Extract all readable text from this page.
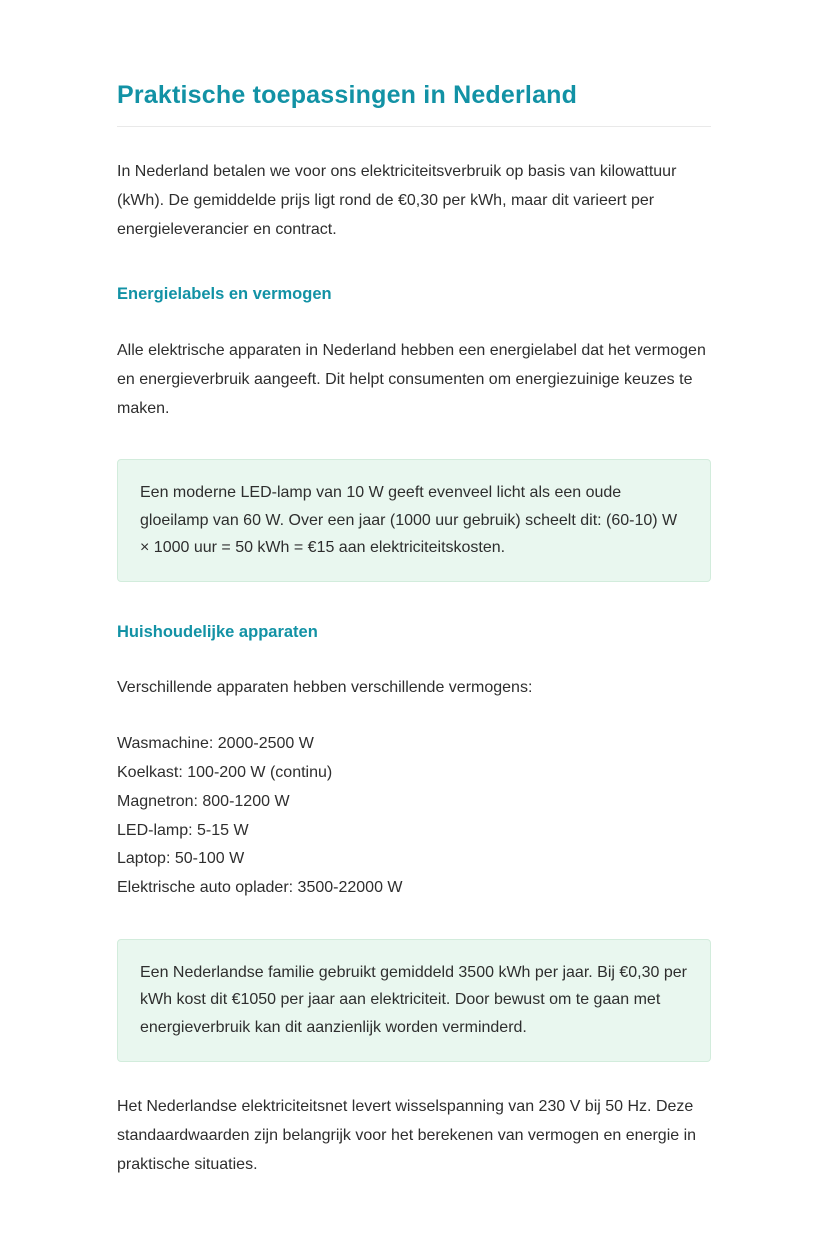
Praktische toepassingen in Nederland

In Nederland betalen we voor ons elektriciteitsverbruik op basis van kilowattuur (kWh). De gemiddelde prijs ligt rond de €0,30 per kWh, maar dit varieert per energieleverancier en contract.

Energielabels en vermogen

Alle elektrische apparaten in Nederland hebben een energielabel dat het vermogen en energieverbruik aangeeft. Dit helpt consumenten om energiezuinige keuzes te maken.

Een moderne LED-lamp van 10 W geeft evenveel licht als een oude gloeilamp van 60 W. Over een jaar (1000 uur gebruik) scheelt dit: (60-10) W × 1000 uur = 50 kWh = €15 aan elektriciteitskosten.
Huishoudelijke apparaten

Verschillende apparaten hebben verschillende vermogens:

Wasmachine: 2000-2500 W
Koelkast: 100-200 W (continu)
Magnetron: 800-1200 W
LED-lamp: 5-15 W
Laptop: 50-100 W
Elektrische auto oplader: 3500-22000 W
Een Nederlandse familie gebruikt gemiddeld 3500 kWh per jaar. Bij €0,30 per kWh kost dit €1050 per jaar aan elektriciteit. Door bewust om te gaan met energieverbruik kan dit aanzienlijk worden verminderd.

Het Nederlandse elektriciteitsnet levert wisselspanning van 230 V bij 50 Hz. Deze standaardwaarden zijn belangrijk voor het berekenen van vermogen en energie in praktische situaties.
